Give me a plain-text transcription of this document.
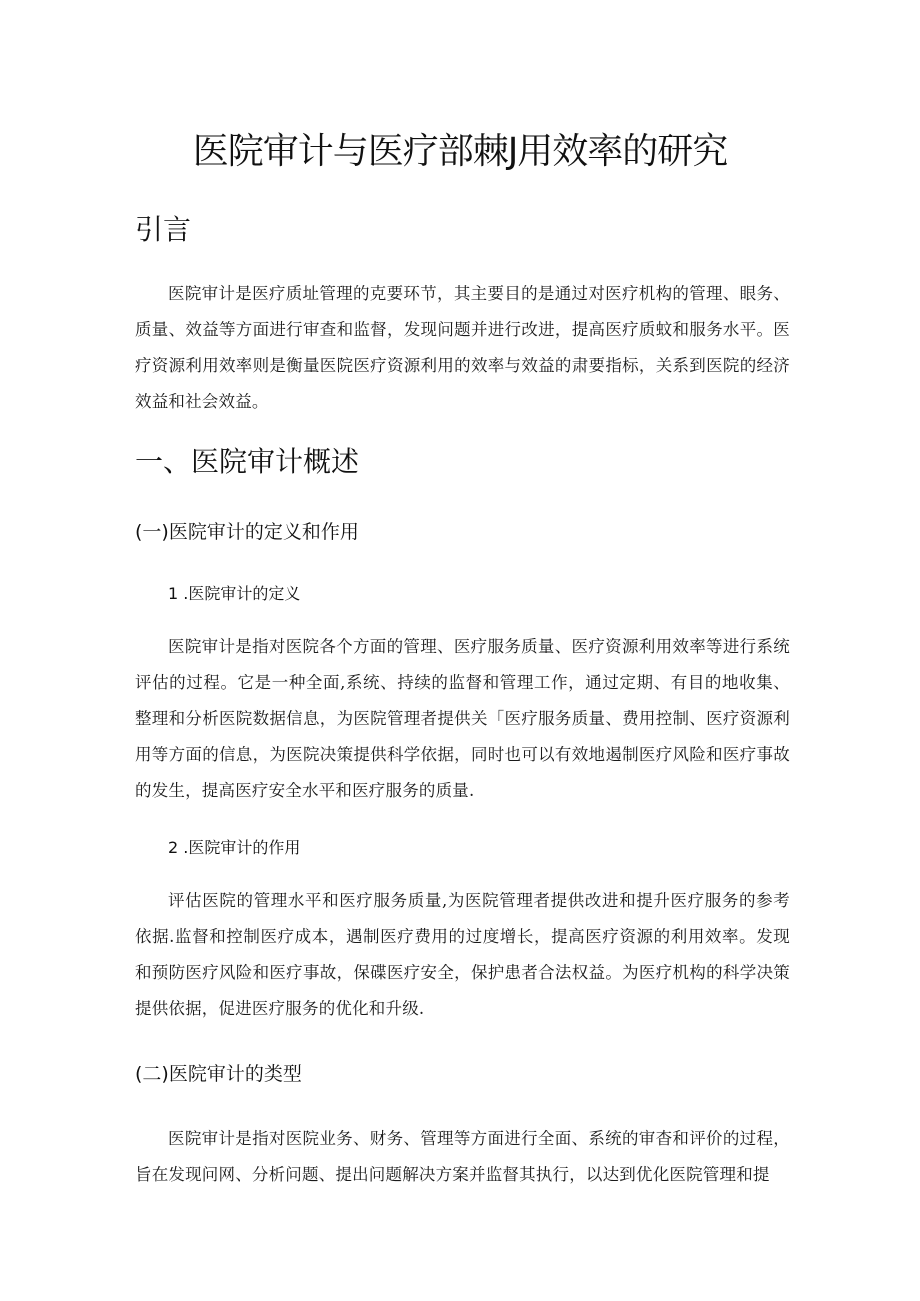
医院审计与医疗部棘J用效率的研究
引言

医院审计是医疗质址管理的克要环节，其主要目的是通过对医疗机构的管理、眼务、质量、效益等方面进行审查和监督，发现问题并进行改进，提高医疗质蚊和服务水平。医疗资源利用效率则是衡量医院医疗资源利用的效率与效益的肃要指标，关系到医院的经济效益和社会效益。

一、医院审计概述
(一)医院审计的定义和作用
1 .医院审计的定义

医院审计是指对医院各个方面的管理、医疗服务质量、医疗资源利用效率等进行系统评估的过程。它是一种全面,系统、持续的监督和管理工作，通过定期、有目的地收集、整理和分析医院数据信息，为医院管理者提供关「医疗服务质量、费用控制、医疗资源利用等方面的信息，为医院决策提供科学依据，同时也可以有效地遏制医疗风险和医疗事故的发生，提高医疗安全水平和医疗服务的质量.

2 .医院审计的作用

评估医院的管理水平和医疗服务质量,为医院管理者提供改进和提升医疗服务的参考依据.监督和控制医疗成本，遇制医疗费用的过度增长，提高医疗资源的利用效率。发现和预防医疗风险和医疗事故，保碟医疗安全，保护患者合法权益。为医疗机构的科学决策提供依据，促进医疗服务的优化和升级.

(二)医院审计的类型

医院审计是指对医院业务、财务、管理等方面进行全面、系统的审杳和评价的过程，旨在发现问网、分析问题、提出问题解决方案并监督其执行，以达到优化医院管理和提
